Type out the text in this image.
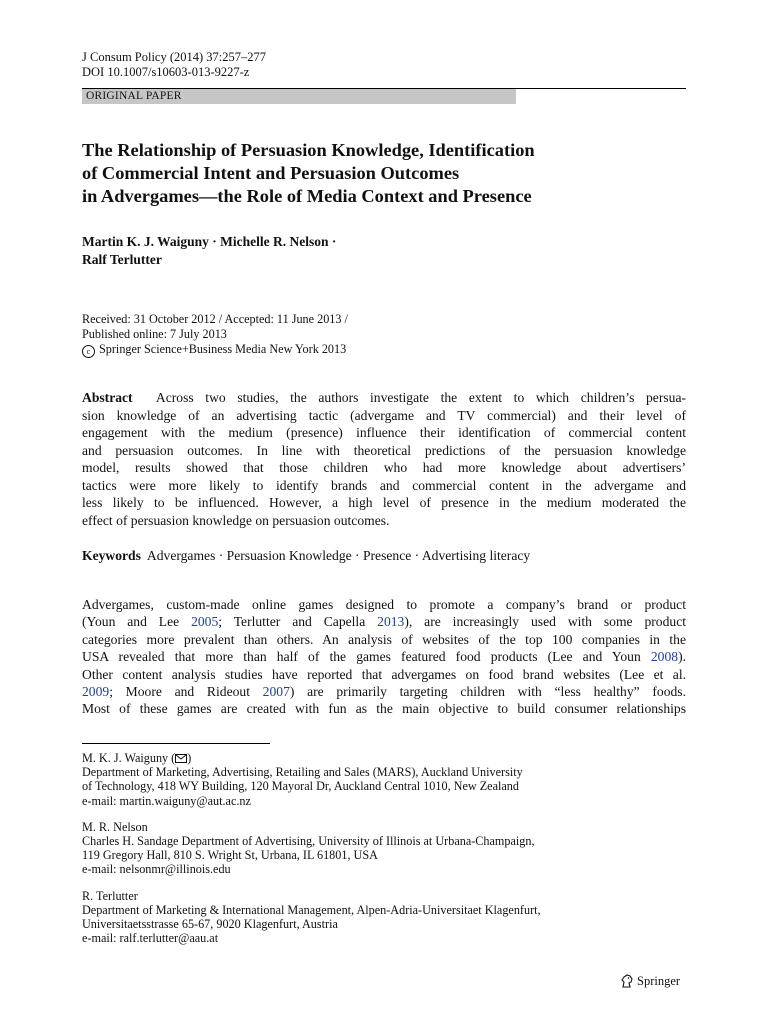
J Consum Policy (2014) 37:257–277
DOI 10.1007/s10603-013-9227-z
ORIGINAL PAPER
The Relationship of Persuasion Knowledge, Identification
of Commercial Intent and Persuasion Outcomes
in Advergames—the Role of Media Context and Presence
Martin K. J. Waiguny · Michelle R. Nelson ·
Ralf Terlutter
Received: 31 October 2012 / Accepted: 11 June 2013 /
Published online: 7 July 2013
c Springer Science+Business Media New York 2013
Abstract Across two studies, the authors investigate the extent to which children’s persua-
sion knowledge of an advertising tactic (advergame and TV commercial) and their level of
engagement with the medium (presence) influence their identification of commercial content
and persuasion outcomes. In line with theoretical predictions of the persuasion knowledge
model, results showed that those children who had more knowledge about advertisers’
tactics were more likely to identify brands and commercial content in the advergame and
less likely to be influenced. However, a high level of presence in the medium moderated the
effect of persuasion knowledge on persuasion outcomes.
Keywords Advergames · Persuasion Knowledge · Presence · Advertising literacy
Advergames, custom-made online games designed to promote a company’s brand or product
(Youn and Lee 2005; Terlutter and Capella 2013), are increasingly used with some product
categories more prevalent than others. An analysis of websites of the top 100 companies in the
USA revealed that more than half of the games featured food products (Lee and Youn 2008).
Other content analysis studies have reported that advergames on food brand websites (Lee et al.
2009; Moore and Rideout 2007) are primarily targeting children with “less healthy” foods.
Most of these games are created with fun as the main objective to build consumer relationships
M. K. J. Waiguny ( )
Department of Marketing, Advertising, Retailing and Sales (MARS), Auckland University
of Technology, 418 WY Building, 120 Mayoral Dr, Auckland Central 1010, New Zealand
e-mail: martin.waiguny@aut.ac.nz
M. R. Nelson
Charles H. Sandage Department of Advertising, University of Illinois at Urbana-Champaign,
119 Gregory Hall, 810 S. Wright St, Urbana, IL 61801, USA
e-mail: nelsonmr@illinois.edu
R. Terlutter
Department of Marketing & International Management, Alpen-Adria-Universitaet Klagenfurt,
Universitaetsstrasse 65-67, 9020 Klagenfurt, Austria
e-mail: ralf.terlutter@aau.at
Springer
